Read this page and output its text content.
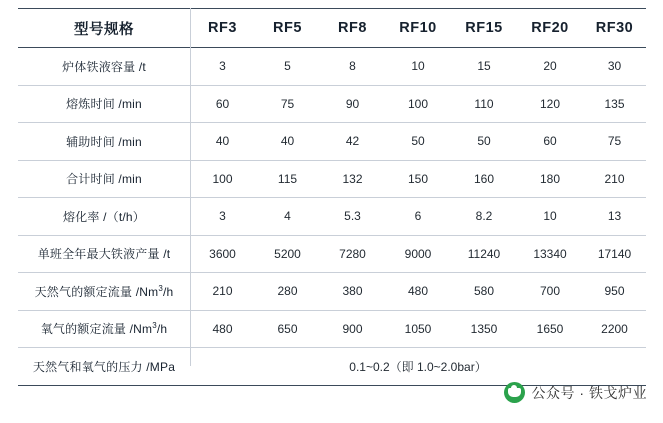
型号规格	RF3	RF5	RF8	RF10	RF15	RF20	RF30
炉体铁液容量 /t	3	5	8	10	15	20	30
熔炼时间 /min	60	75	90	100	110	120	135
辅助时间 /min	40	40	42	50	50	60	75
合计时间 /min	100	115	132	150	160	180	210
熔化率 /（t/h）	3	4	5.3	6	8.2	10	13
单班全年最大铁液产量 /t	3600	5200	7280	9000	11240	13340	17140
天然气的额定流量 /Nm$^3$/h	210	280	380	480	580	700	950
氧气的额定流量 /Nm$^3$/h	480	650	900	1050	1350	1650	2200
天然气和氧气的压力 /MPa	0.1~0.2（即 1.0~2.0bar）						
公众号 · 铁戈炉业
